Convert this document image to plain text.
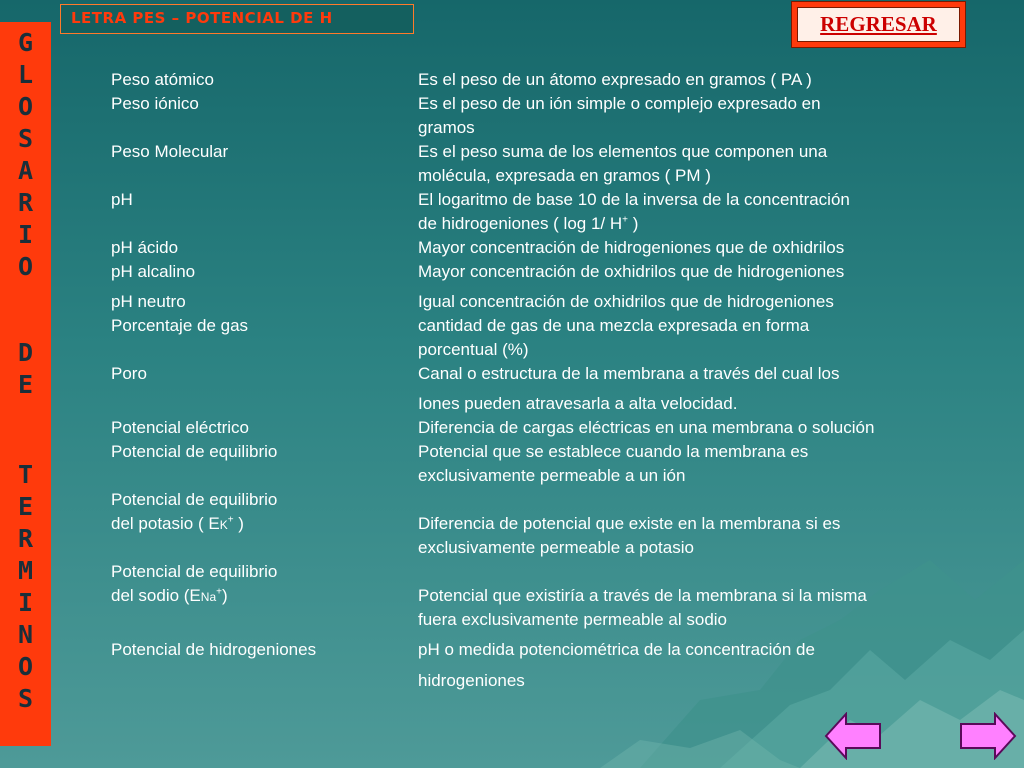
G
L
O
S
A
R
I
O
D
E
T
E
R
M
I
N
O
S
LETRA PES – POTENCIAL DE H	REGRESAR
Peso atómico	Es el peso de un átomo expresado en gramos ( PA )
Peso iónico	Es el peso de un ión simple o complejo expresado en
gramos
Peso Molecular	Es el peso suma de los elementos que componen una
molécula, expresada en gramos ( PM )
pH	El logaritmo de base 10 de la inversa de la concentración
de hidrogeniones ( log 1/ H+ )
pH ácido	Mayor concentración de hidrogeniones que de oxhidrilos
pH alcalino	Mayor concentración de oxhidrilos que de hidrogeniones
pH neutro	Igual concentración de oxhidrilos que de hidrogeniones
Porcentaje de gas	cantidad de gas de una mezcla expresada en forma
porcentual (%)
Poro	Canal o estructura de la membrana a través del cual los
Iones pueden atravesarla a alta velocidad.
Potencial eléctrico	Diferencia de cargas eléctricas en una membrana o solución
Potencial de equilibrio	Potencial que se establece cuando la membrana es
exclusivamente permeable a un ión
Potencial de equilibrio
del potasio ( EK+ )	Diferencia de potencial que existe en la membrana si es
exclusivamente permeable a potasio
Potencial de equilibrio
del sodio (ENa+)	Potencial que existiría a través de la membrana si la misma
fuera exclusivamente permeable al sodio
Potencial de hidrogeniones	pH o medida potenciométrica de la concentración de
hidrogeniones
